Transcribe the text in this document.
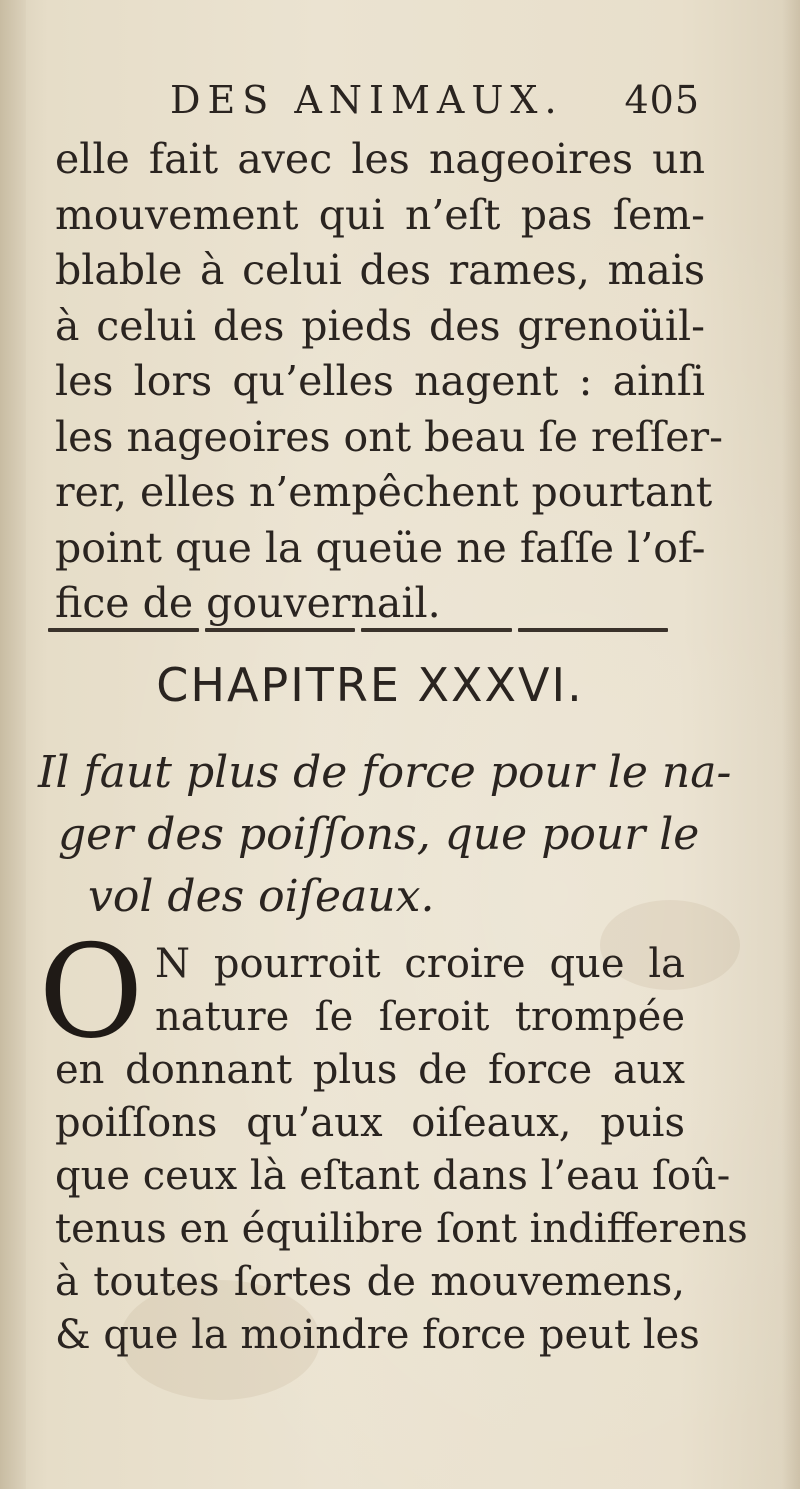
DES ANIMAUX. 405
elle fait avec les nageoires un
mouvement qui n’eſt pas ſem-
blable à celui des rames, mais
à celui des pieds des grenoüil-
les lors qu’elles nagent : ainſi
les nageoires ont beau ſe reſſer-
rer, elles n’empêchent pourtant
point que la queüe ne faſſe l’of-
fice de gouvernail.
CHAPITRE XXXVI.
Il faut plus de force pour le na-
ger des poiſſons, que pour le
vol des oiſeaux.
O N pourroit croire que la
nature ſe ſeroit trompée
en donnant plus de force aux
poiſſons qu’aux oiſeaux, puis
que ceux là eſtant dans l’eau ſoû-
tenus en équilibre ſont indifferens
à toutes ſortes de mouvemens,
& que la moindre force peut les
